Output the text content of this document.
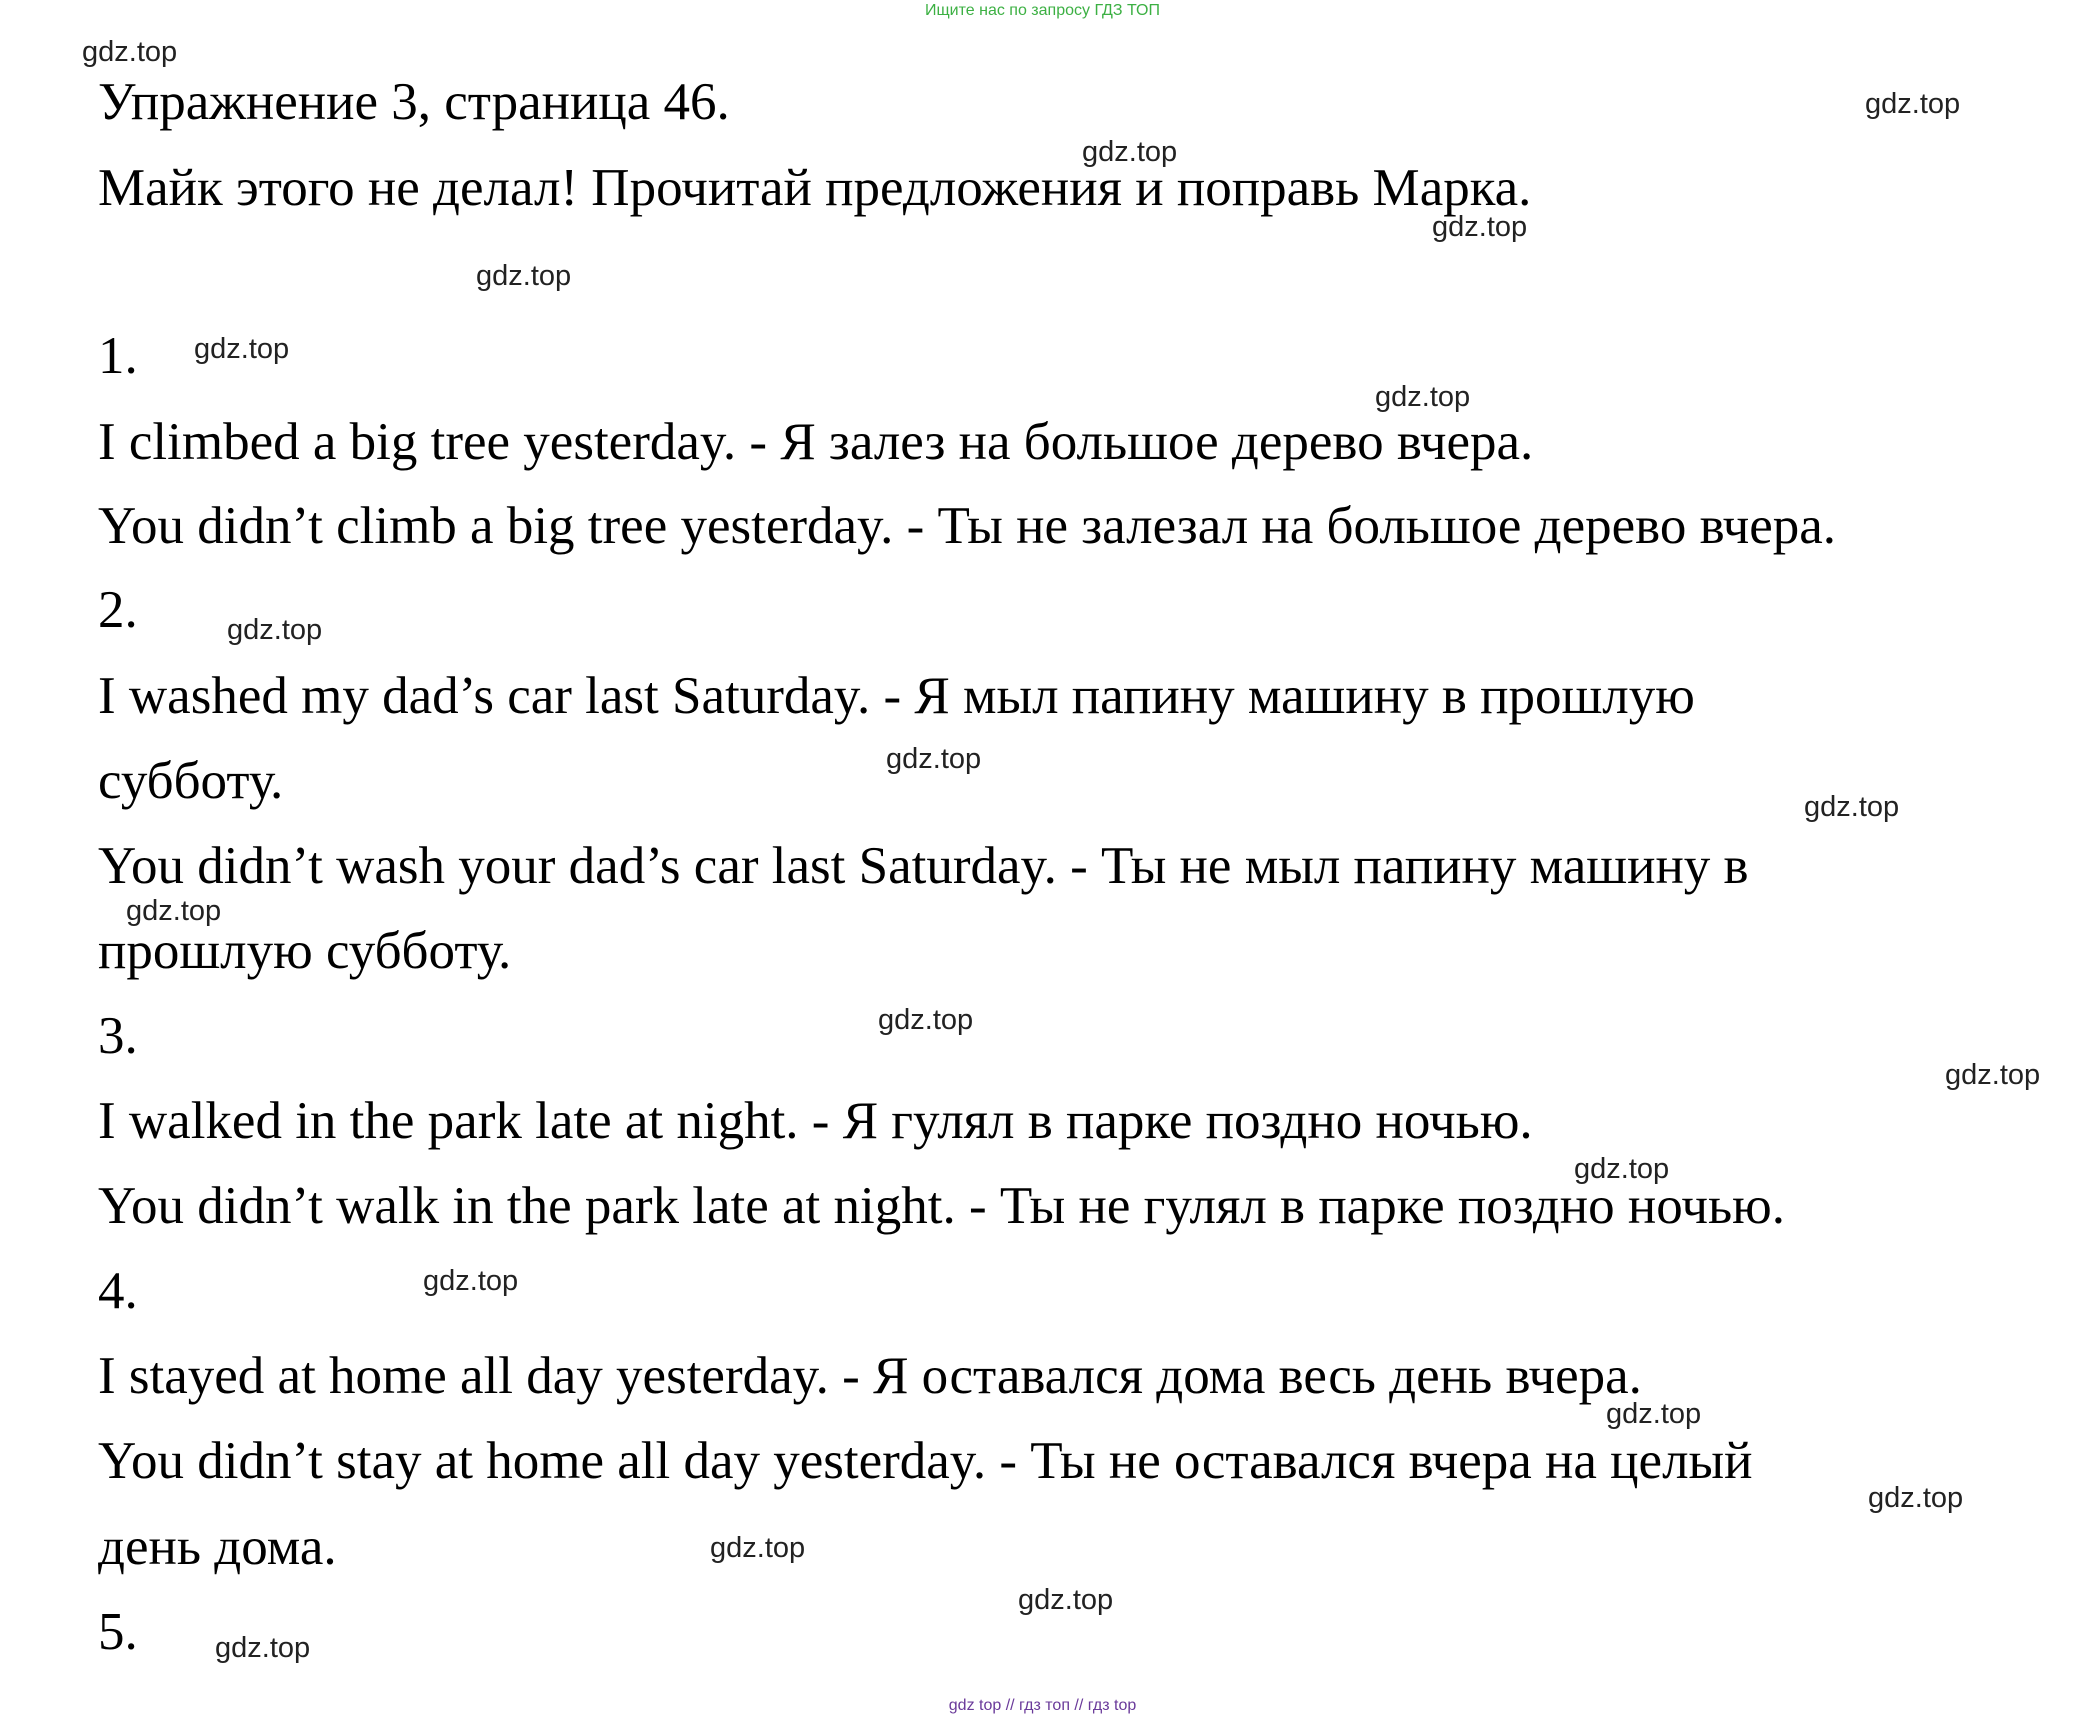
Ищите нас по запросу ГДЗ ТОП
Упражнение 3, страница 46.
Майк этого не делал! Прочитай предложения и поправь Марка.
1.
I climbed a big tree yesterday. - Я залез на большое дерево вчера.
You didn’t climb a big tree yesterday. - Ты не залезал на большое дерево вчера.
2.
I washed my dad’s car last Saturday. - Я мыл папину машину в прошлую
субботу.
You didn’t wash your dad’s car last Saturday. - Ты не мыл папину машину в
прошлую субботу.
3.
I walked in the park late at night. - Я гулял в парке поздно ночью.
You didn’t walk in the park late at night. - Ты не гулял в парке поздно ночью.
4.
I stayed at home all day yesterday. - Я оставался дома весь день вчера.
You didn’t stay at home all day yesterday. - Ты не оставался вчера на целый
день дома.
5.
gdz.top
gdz.top
gdz.top
gdz.top
gdz.top
gdz.top
gdz.top
gdz.top
gdz.top
gdz.top
gdz.top
gdz.top
gdz.top
gdz.top
gdz.top
gdz.top
gdz.top
gdz.top
gdz.top
gdz.top
gdz top // гдз топ // гдз top
